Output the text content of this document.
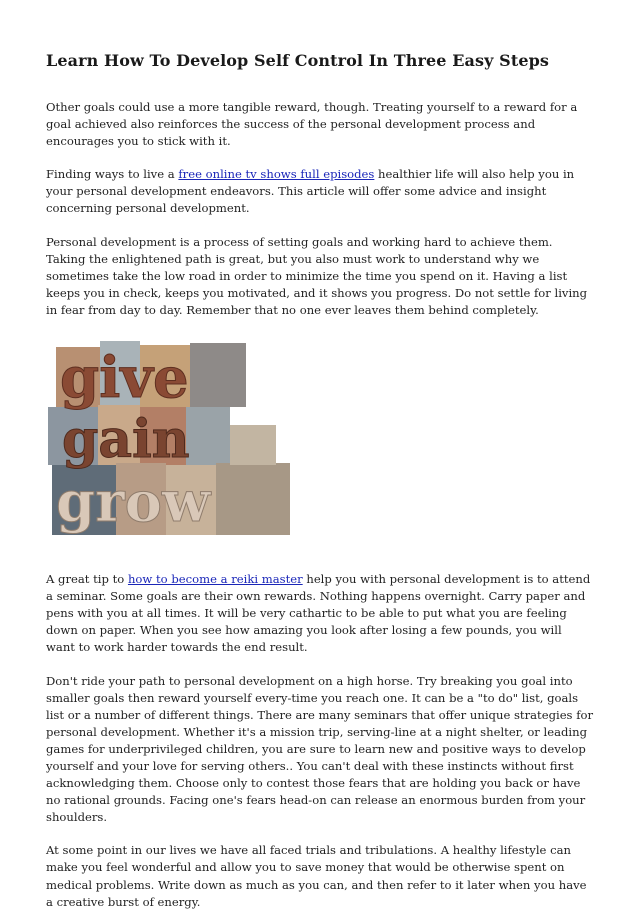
Learn How To Develop Self Control In Three Easy Steps

Other goals could use a more tangible reward, though. Treating yourself to a reward for a goal achieved also reinforces the success of the personal development process and encourages you to stick with it.

Finding ways to live a free online tv shows full episodes healthier life will also help you in your personal development endeavors. This article will offer some advice and insight concerning personal development.

Personal development is a process of setting goals and working hard to achieve them. Taking the enlightened path is great, but you also must work to understand why we sometimes take the low road in order to minimize the time you spend on it. Having a list keeps you in check, keeps you motivated, and it shows you progress. Do not settle for living in fear from day to day. Remember that no one ever leaves them behind completely.

give
gain
grow

A great tip to how to become a reiki master help you with personal development is to attend a seminar. Some goals are their own rewards. Nothing happens overnight. Carry paper and pens with you at all times. It will be very cathartic to be able to put what you are feeling down on paper. When you see how amazing you look after losing a few pounds, you will want to work harder towards the end result.

Don't ride your path to personal development on a high horse. Try breaking you goal into smaller goals then reward yourself every-time you reach one. It can be a "to do" list, goals list or a number of different things. There are many seminars that offer unique strategies for personal development. Whether it's a mission trip, serving-line at a night shelter, or leading games for underprivileged children, you are sure to learn new and positive ways to develop yourself and your love for serving others.. You can't deal with these instincts without first acknowledging them. Choose only to contest those fears that are holding you back or have no rational grounds. Facing one's fears head-on can release an enormous burden from your shoulders.

At some point in our lives we have all faced trials and tribulations. A healthy lifestyle can make you feel wonderful and allow you to save money that would be otherwise spent on medical problems. Write down as much as you can, and then refer to it later when you have a creative burst of energy.
